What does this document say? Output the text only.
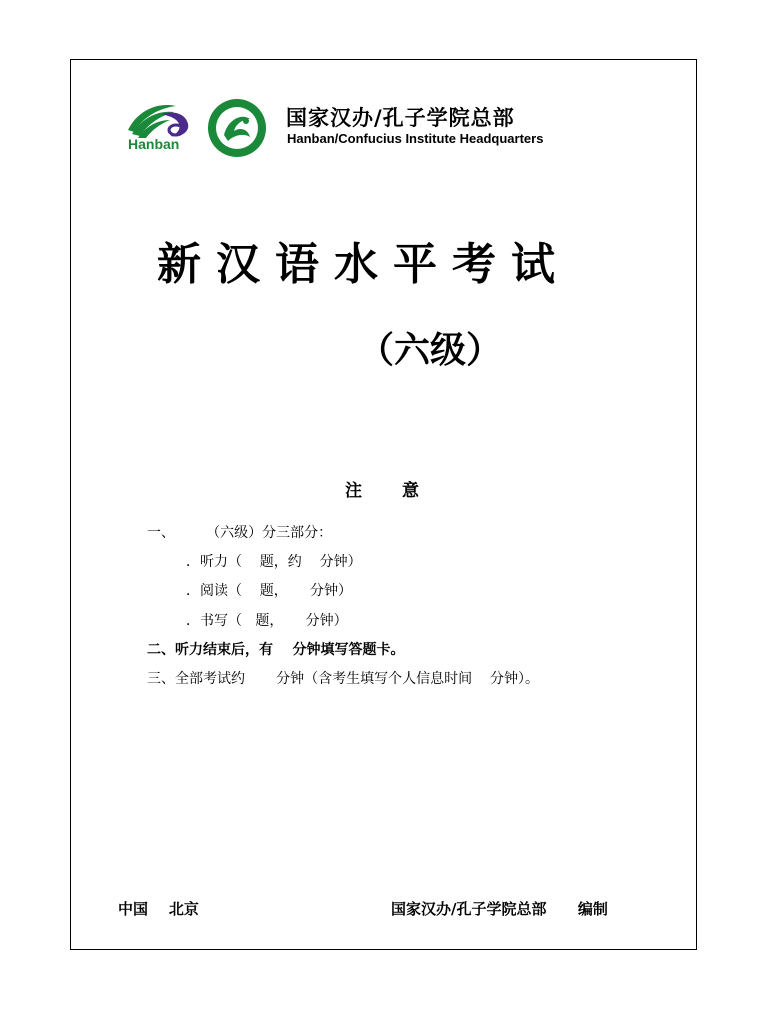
Hanban
国家汉办/孔子学院总部
Hanban/Confucius Institute Headquarters
新汉语水平考试
（六级）
注 意
一、       （六级）分三部分：
．听力（    题，约    分钟）
．阅读（    题，     分钟）
．书写（   题，     分钟）
二、听力结束后，有    分钟填写答题卡。
三、全部考试约       分钟（含考生填写个人信息时间    分钟）。
中国    北京	国家汉办/孔子学院总部      编制
